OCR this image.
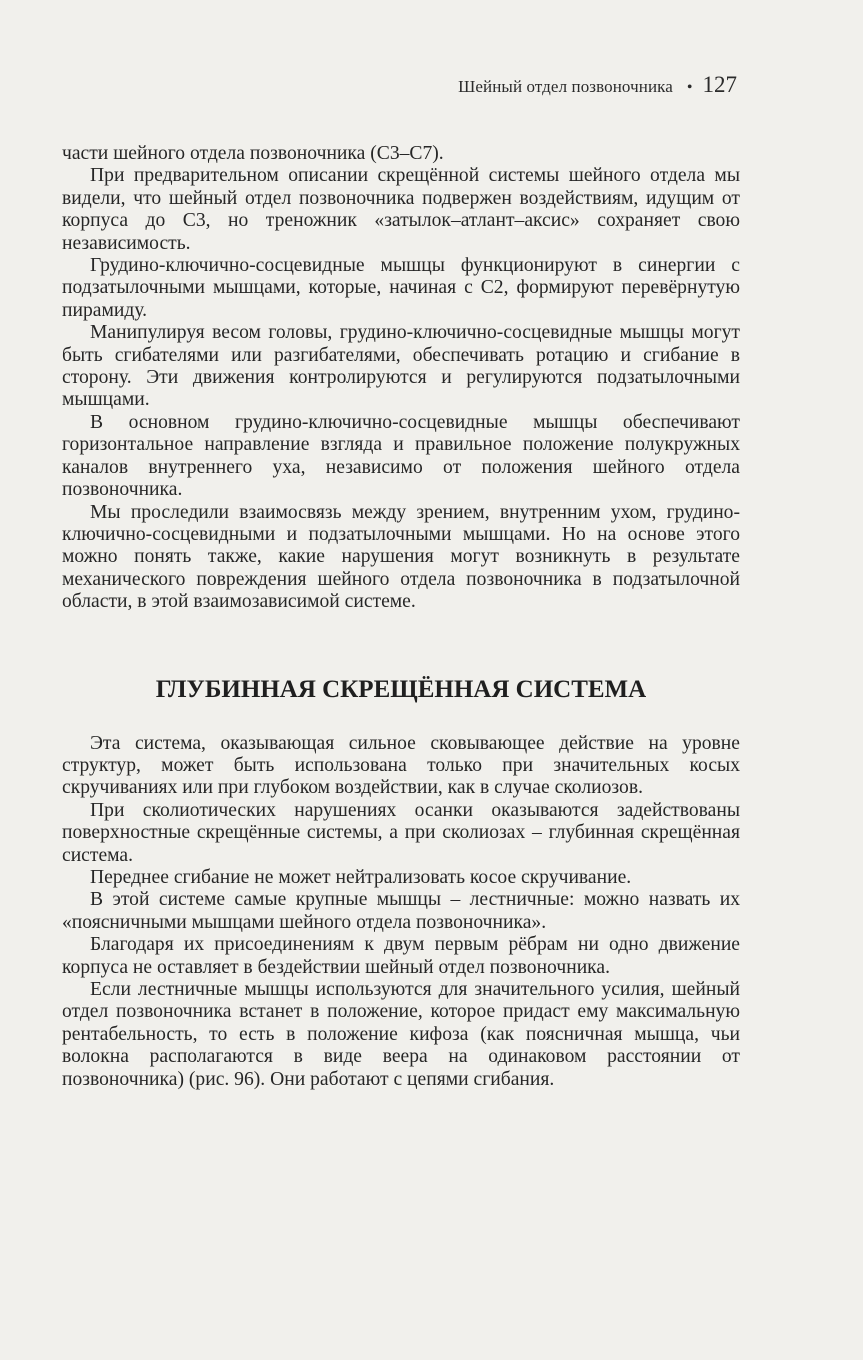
Шейный отдел позвоночника • 127

части шейного отдела позвоночника (С3–С7).

При предварительном описании скрещённой системы шейного отдела мы видели, что шейный отдел позвоночника подвержен воздействиям, идущим от корпуса до С3, но треножник «затылок–атлант–аксис» сохраняет свою независимость.

Грудино-ключично-сосцевидные мышцы функционируют в синергии с подзатылочными мышцами, которые, начиная с С2, формируют перевёрнутую пирамиду.

Манипулируя весом головы, грудино-ключично-сосцевидные мышцы могут быть сгибателями или разгибателями, обеспечивать ротацию и сгибание в сторону. Эти движения контролируются и регулируются подзатылочными мышцами.

В основном грудино-ключично-сосцевидные мышцы обеспечивают горизонтальное направление взгляда и правильное положение полукружных каналов внутреннего уха, независимо от положения шейного отдела позвоночника.

Мы проследили взаимосвязь между зрением, внутренним ухом, грудино-ключично-сосцевидными и подзатылочными мышцами. Но на основе этого можно понять также, какие нарушения могут возникнуть в результате механического повреждения шейного отдела позвоночника в подзатылочной области, в этой взаимозависимой системе.

ГЛУБИННАЯ СКРЕЩЁННАЯ СИСТЕМА

Эта система, оказывающая сильное сковывающее действие на уровне структур, может быть использована только при значительных косых скручиваниях или при глубоком воздействии, как в случае сколиозов.

При сколиотических нарушениях осанки оказываются задействованы поверхностные скрещённые системы, а при сколиозах – глубинная скрещённая система.

Переднее сгибание не может нейтрализовать косое скручивание.

В этой системе самые крупные мышцы – лестничные: можно назвать их «поясничными мышцами шейного отдела позвоночника».

Благодаря их присоединениям к двум первым рёбрам ни одно движение корпуса не оставляет в бездействии шейный отдел позвоночника.

Если лестничные мышцы используются для значительного усилия, шейный отдел позвоночника встанет в положение, которое придаст ему максимальную рентабельность, то есть в положение кифоза (как поясничная мышца, чьи волокна располагаются в виде веера на одинаковом расстоянии от позвоночника) (рис. 96). Они работают с цепями сгибания.
